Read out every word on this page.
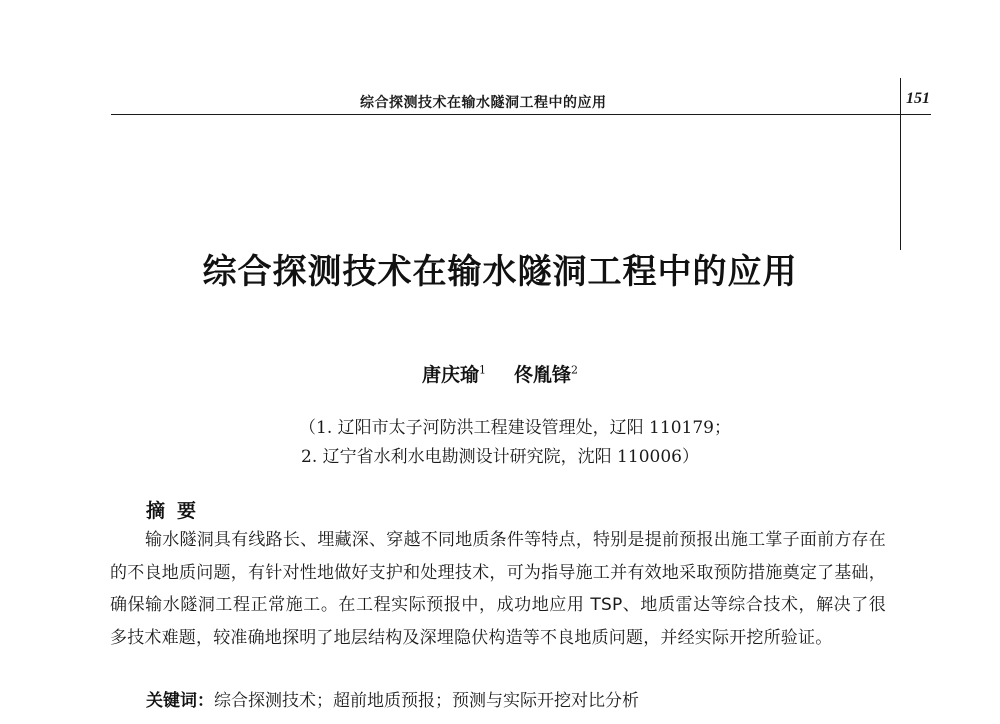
综合探测技术在输水隧洞工程中的应用	151
综合探测技术在输水隧洞工程中的应用
唐庆瑜$^1$ 佟胤锋$^2$
（1. 辽阳市太子河防洪工程建设管理处，辽阳 110179；
2. 辽宁省水利水电勘测设计研究院，沈阳 110006）
摘要
输水隧洞具有线路长、埋藏深、穿越不同地质条件等特点，特别是提前预报出施工掌子面前方存在的不良地质问题，有针对性地做好支护和处理技术，可为指导施工并有效地采取预防措施奠定了基础，确保输水隧洞工程正常施工。在工程实际预报中，成功地应用 TSP、地质雷达等综合技术，解决了很多技术难题，较准确地探明了地层结构及深埋隐伏构造等不良地质问题，并经实际开挖所验证。
关键词：综合探测技术；超前地质预报；预测与实际开挖对比分析
